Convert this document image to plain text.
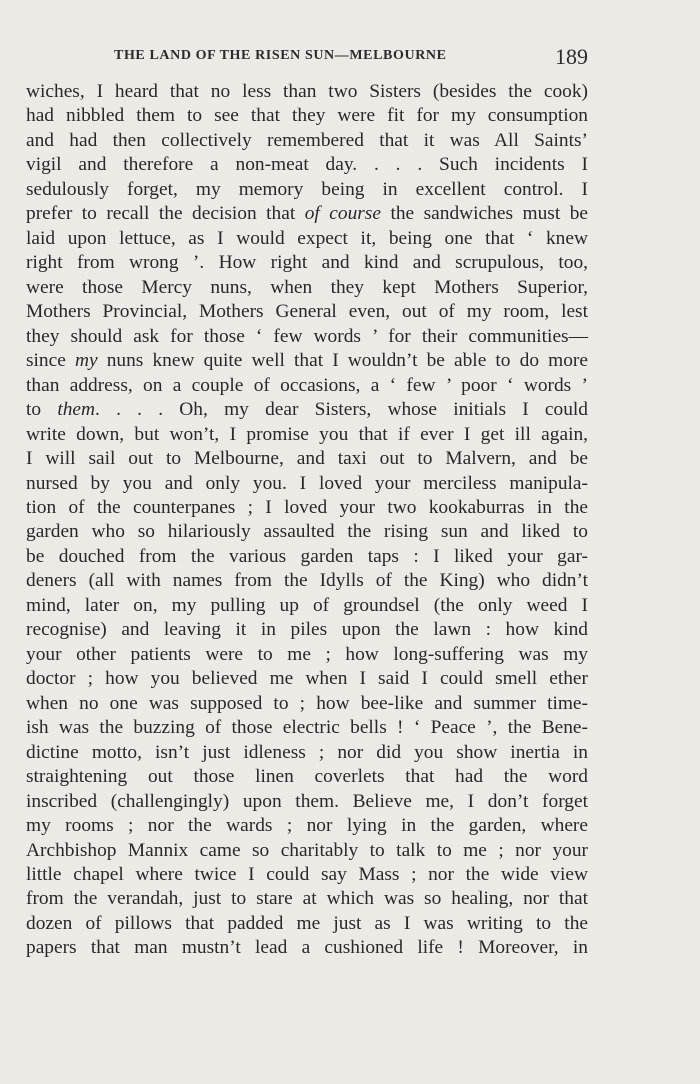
THE LAND OF THE RISEN SUN—MELBOURNE	189
wiches, I heard that no less than two Sisters (besides the cook)
had nibbled them to see that they were fit for my consumption
and had then collectively remembered that it was All Saints’
vigil and therefore a non-meat day. . . . Such incidents I
sedulously forget, my memory being in excellent control. I
prefer to recall the decision that of course the sandwiches must be
laid upon lettuce, as I would expect it, being one that ‘ knew
right from wrong ’. How right and kind and scrupulous, too,
were those Mercy nuns, when they kept Mothers Superior,
Mothers Provincial, Mothers General even, out of my room, lest
they should ask for those ‘ few words ’ for their communities—
since my nuns knew quite well that I wouldn’t be able to do more
than address, on a couple of occasions, a ‘ few ’ poor ‘ words ’
to them. . . . Oh, my dear Sisters, whose initials I could
write down, but won’t, I promise you that if ever I get ill again,
I will sail out to Melbourne, and taxi out to Malvern, and be
nursed by you and only you. I loved your merciless manipula-
tion of the counterpanes ; I loved your two kookaburras in the
garden who so hilariously assaulted the rising sun and liked to
be douched from the various garden taps : I liked your gar-
deners (all with names from the Idylls of the King) who didn’t
mind, later on, my pulling up of groundsel (the only weed I
recognise) and leaving it in piles upon the lawn : how kind
your other patients were to me ; how long-suffering was my
doctor ; how you believed me when I said I could smell ether
when no one was supposed to ; how bee-like and summer time-
ish was the buzzing of those electric bells ! ‘ Peace ’, the Bene-
dictine motto, isn’t just idleness ; nor did you show inertia in
straightening out those linen coverlets that had the word
inscribed (challengingly) upon them. Believe me, I don’t forget
my rooms ; nor the wards ; nor lying in the garden, where
Archbishop Mannix came so charitably to talk to me ; nor your
little chapel where twice I could say Mass ; nor the wide view
from the verandah, just to stare at which was so healing, nor that
dozen of pillows that padded me just as I was writing to the
papers that man mustn’t lead a cushioned life ! Moreover, in
